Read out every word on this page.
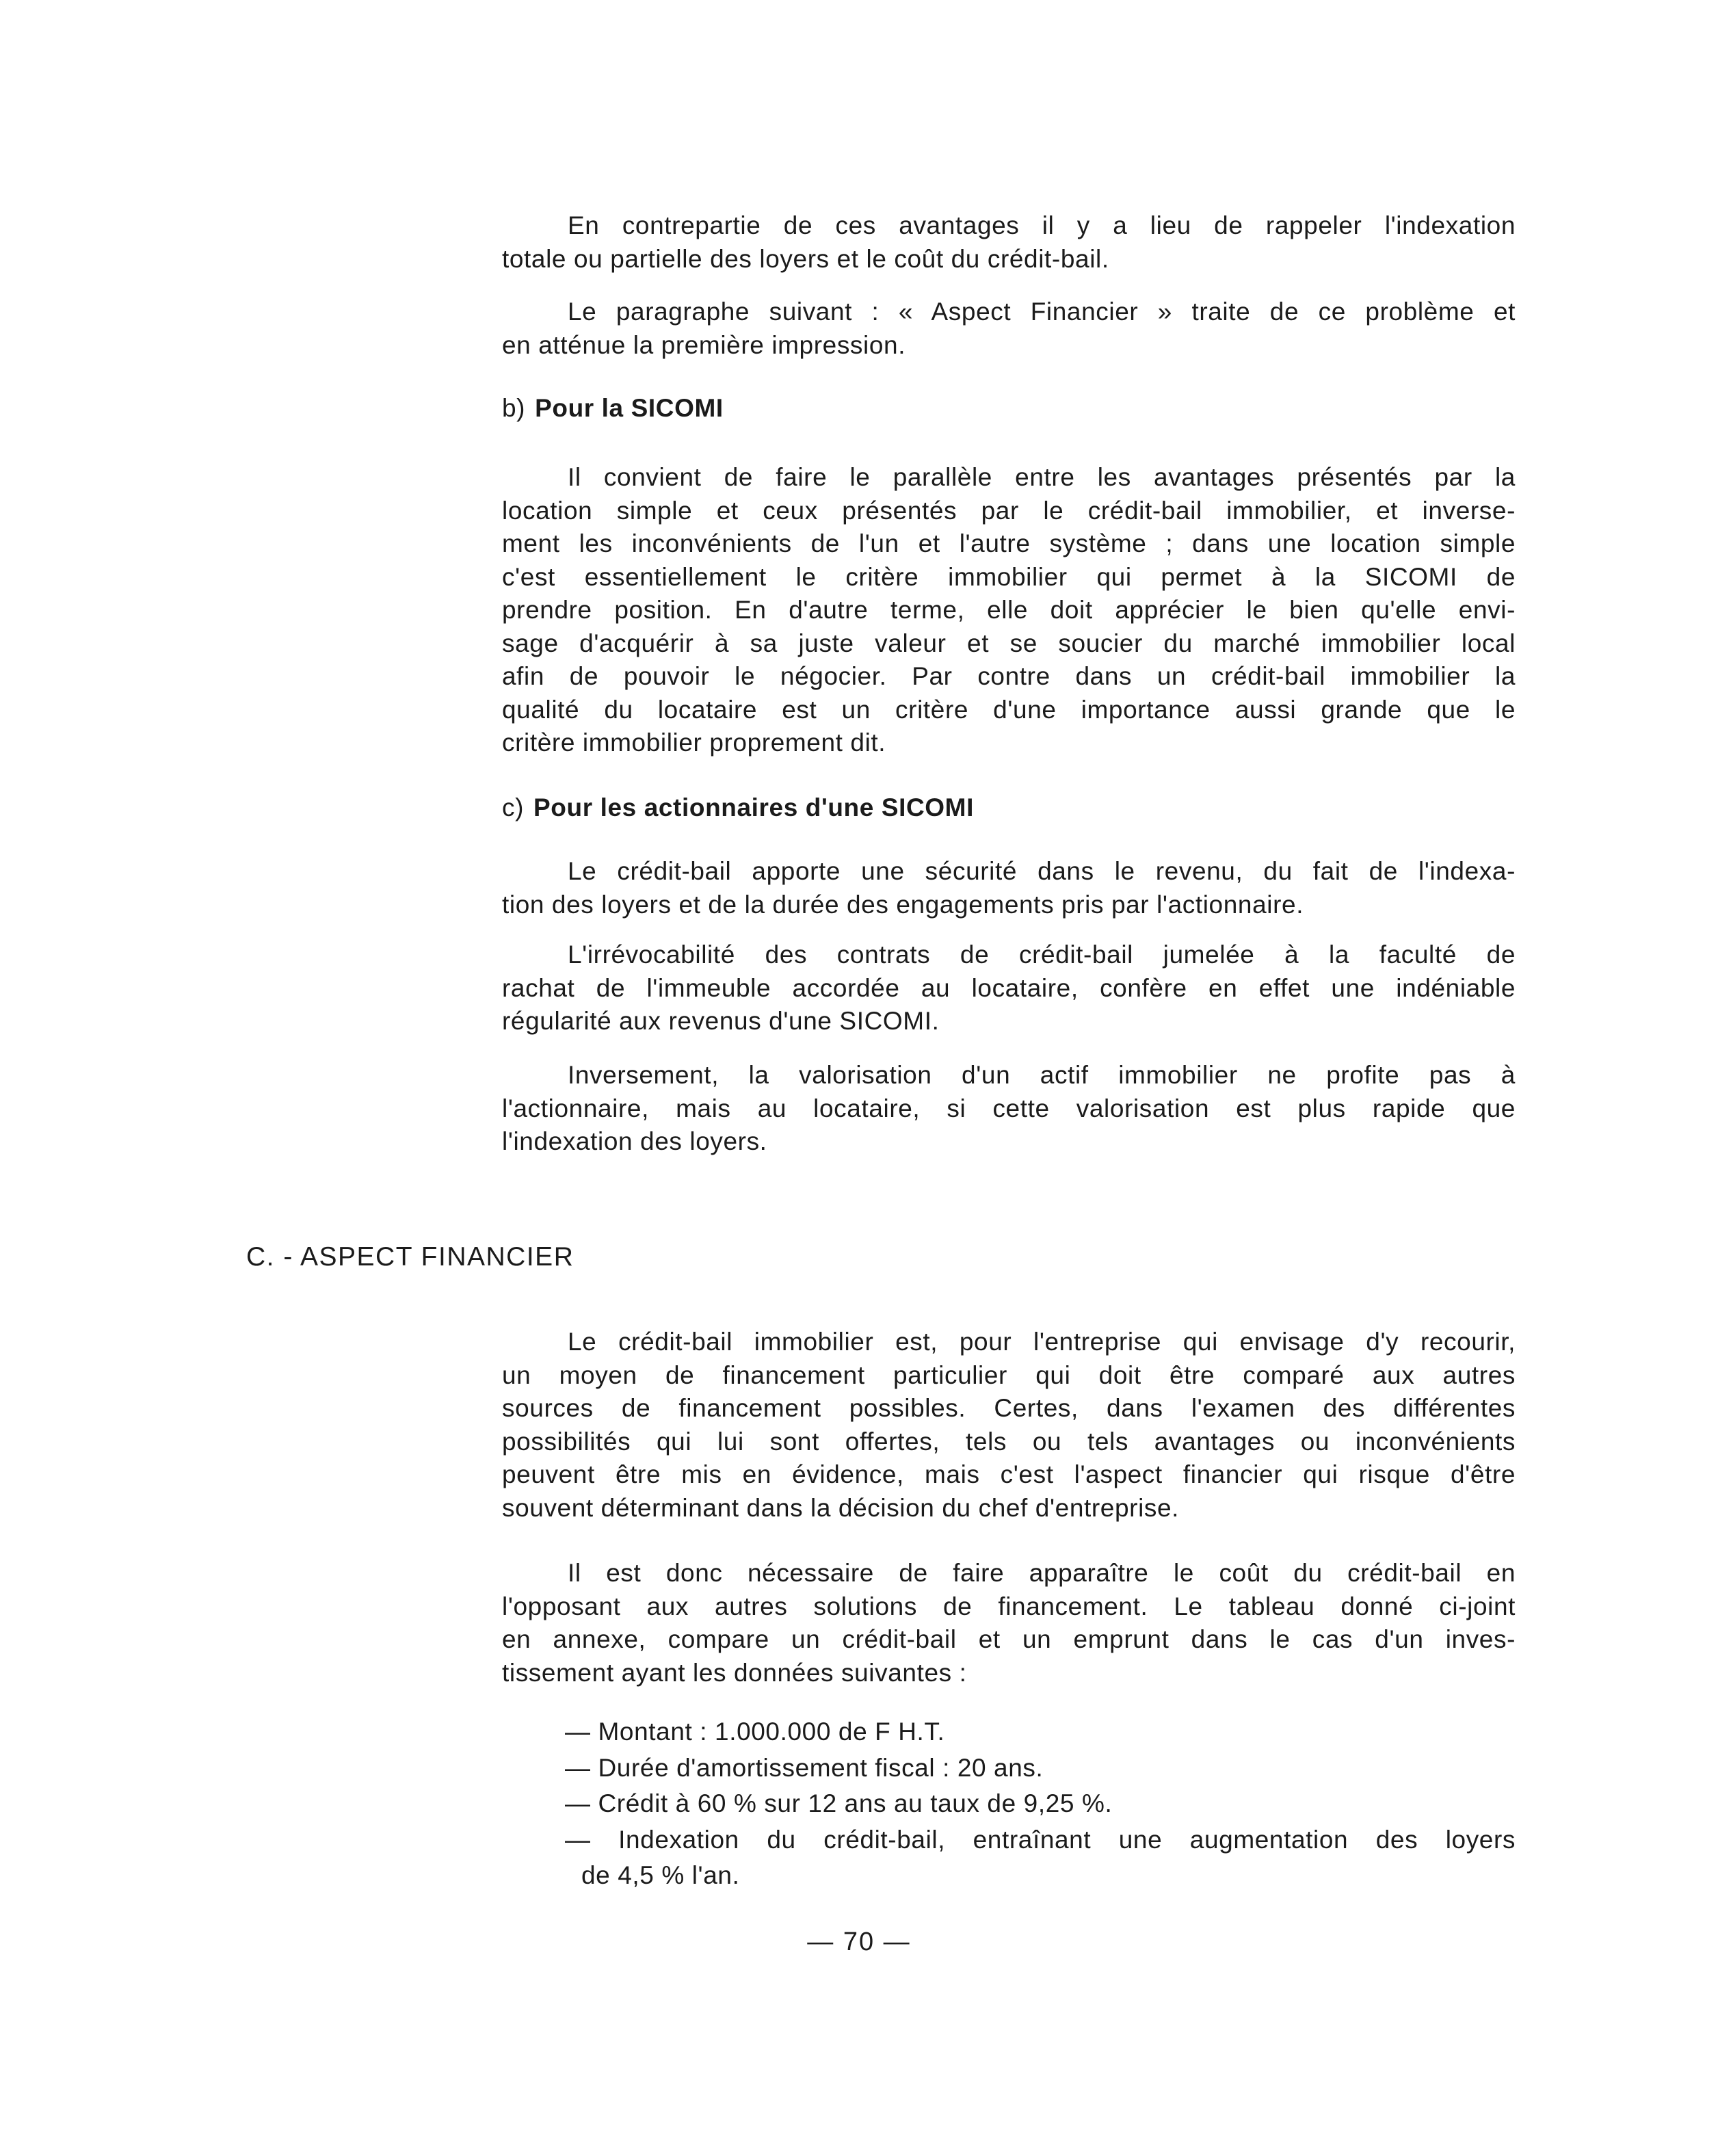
b) Pour la SICOMI
c) Pour les actionnaires d'une SICOMI
C. - ASPECT FINANCIER
— Montant : 1.000.000 de F H.T.
— Durée d'amortissement fiscal : 20 ans.
— Crédit à 60 % sur 12 ans au taux de 9,25 %.
— Indexation du crédit-bail, entraînant une augmentation des loyers
de 4,5 % l'an.
— 70 —
En contrepartie de ces avantages il y a lieu de rappeler l'indexation
totale ou partielle des loyers et le coût du crédit-bail.
Le paragraphe suivant : « Aspect Financier » traite de ce problème et
en atténue la première impression.
Il convient de faire le parallèle entre les avantages présentés par la
location simple et ceux présentés par le crédit-bail immobilier, et inverse-
ment les inconvénients de l'un et l'autre système ; dans une location simple
c'est essentiellement le critère immobilier qui permet à la SICOMI de
prendre position. En d'autre terme, elle doit apprécier le bien qu'elle envi-
sage d'acquérir à sa juste valeur et se soucier du marché immobilier local
afin de pouvoir le négocier. Par contre dans un crédit-bail immobilier la
qualité du locataire est un critère d'une importance aussi grande que le
critère immobilier proprement dit.
Le crédit-bail apporte une sécurité dans le revenu, du fait de l'indexa-
tion des loyers et de la durée des engagements pris par l'actionnaire.
L'irrévocabilité des contrats de crédit-bail jumelée à la faculté de
rachat de l'immeuble accordée au locataire, confère en effet une indéniable
régularité aux revenus d'une SICOMI.
Inversement, la valorisation d'un actif immobilier ne profite pas à
l'actionnaire, mais au locataire, si cette valorisation est plus rapide que
l'indexation des loyers.
Le crédit-bail immobilier est, pour l'entreprise qui envisage d'y recourir,
un moyen de financement particulier qui doit être comparé aux autres
sources de financement possibles. Certes, dans l'examen des différentes
possibilités qui lui sont offertes, tels ou tels avantages ou inconvénients
peuvent être mis en évidence, mais c'est l'aspect financier qui risque d'être
souvent déterminant dans la décision du chef d'entreprise.
Il est donc nécessaire de faire apparaître le coût du crédit-bail en
l'opposant aux autres solutions de financement. Le tableau donné ci-joint
en annexe, compare un crédit-bail et un emprunt dans le cas d'un inves-
tissement ayant les données suivantes :
